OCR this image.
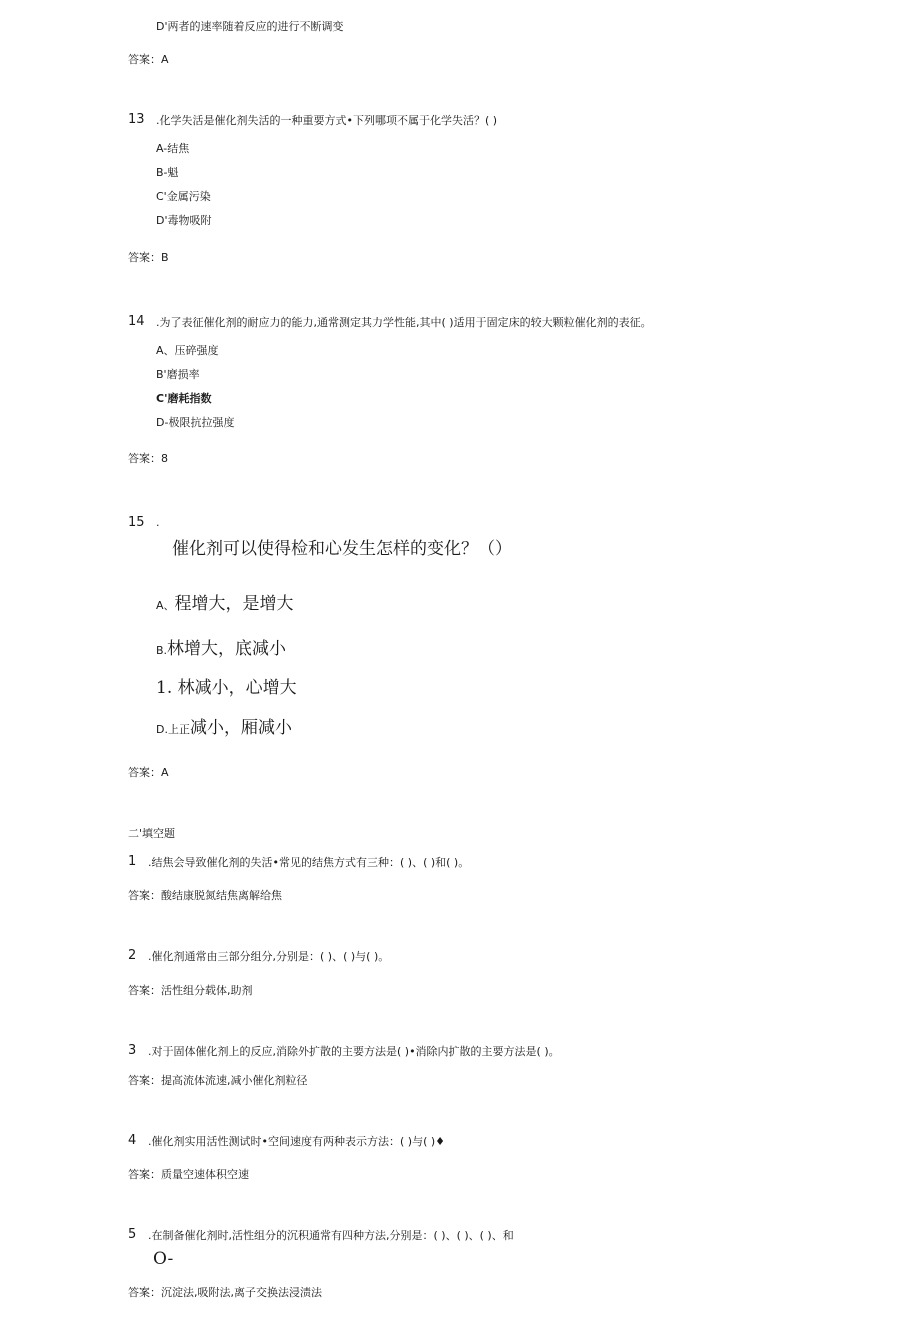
D'两者的速率随着反应的进行不断调变
答案：A
13 .化学失活是催化剂失活的一种重要方式•下列哪项不属于化学失活？( )
A-结焦
B-魁
C'金属污染
D'毒物吸附
答案：B
14 .为了表征催化剂的耐应力的能力,通常测定其力学性能,其中( )适用于固定床的较大颗粒催化剂的表征。
A、压碎强度
B'磨损率
C'磨耗指数
D-极限抗拉强度
答案：8
15 .
催化剂可以使得检和心发生怎样的变化？（）
A、 程增大，是增大
B. 林增大，底减小
1. 林减小，心增大
D.上正 减小，厢减小
答案：A
二'填空题
1 .结焦会导致催化剂的失活•常见的结焦方式有三种：( )、( )和( )。
答案：酸结康脱氮结焦离解给焦
2 .催化剂通常由三部分组分,分别是：( )、( )与( )。
答案：活性组分载体,助剂
3 .对于固体催化剂上的反应,消除外扩散的主要方法是( )•消除内扩散的主要方法是( )。
答案：提高流体流速,减小催化剂粒径
4 .催化剂实用活性测试时•空间速度有两种表示方法：( )与( )♦
答案：质量空速体积空速
5 .在制备催化剂时,活性组分的沉积通常有四种方法,分别是：( )、( )、( )、和
O-
答案：沉淀法,吸附法,离子交换法浸渍法
